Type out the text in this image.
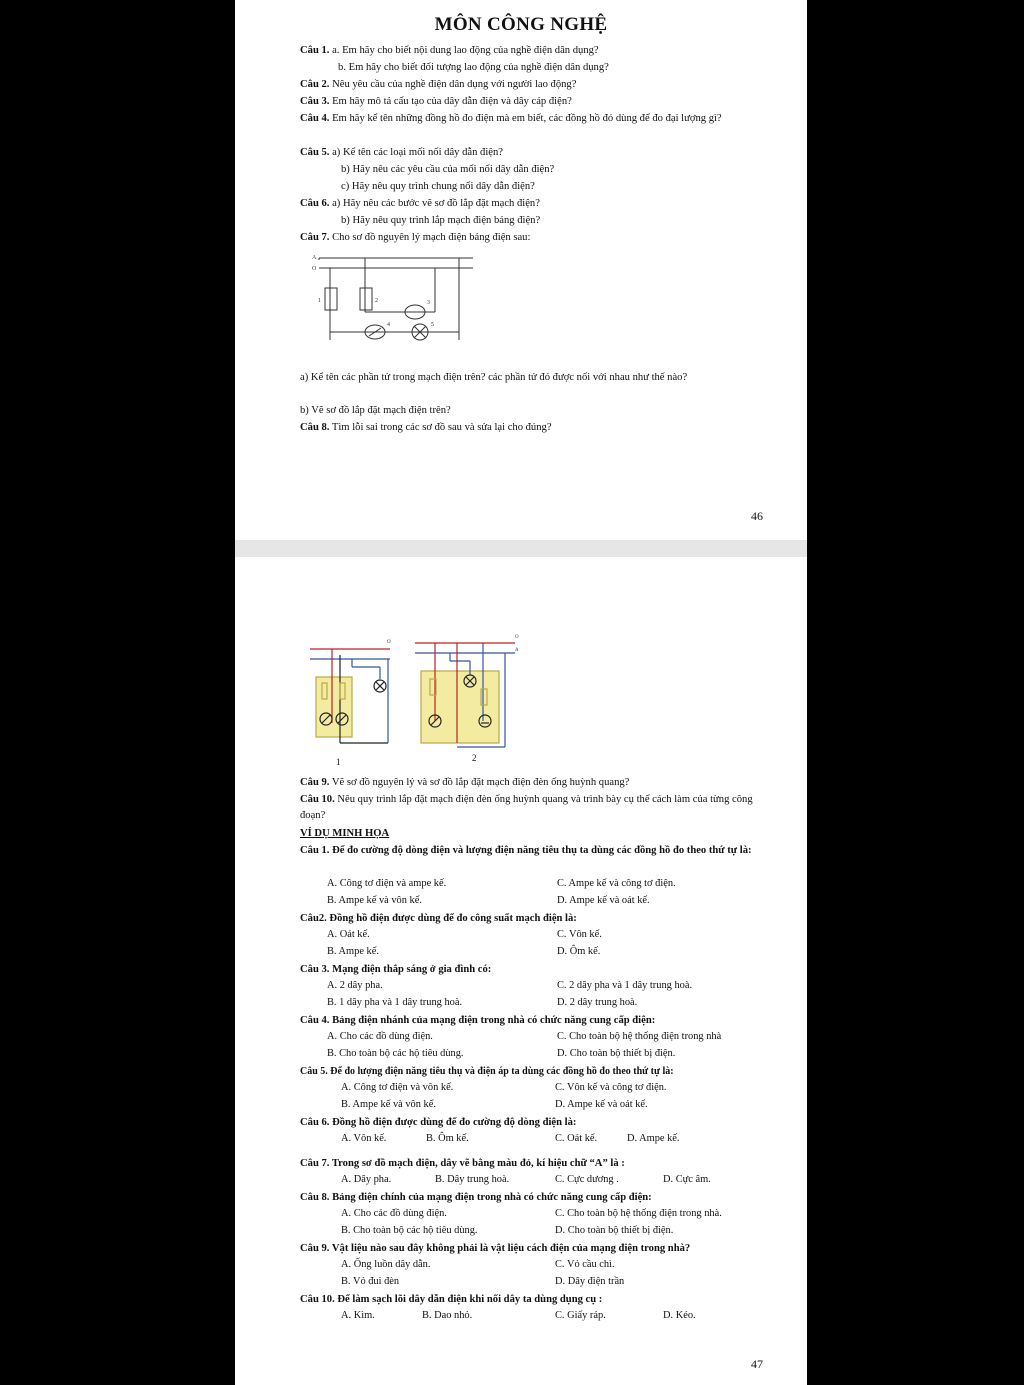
MÔN CÔNG NGHỆ
Câu 1. a. Em hãy cho biết nội dung lao động của nghề điện dân dụng?
b. Em hãy cho biết đối tượng lao động của nghề điện dân dụng?
Câu 2. Nêu yêu cầu của nghề điện dân dụng với người lao động?
Câu 3. Em hãy mô tả cấu tạo của dây dẫn điện và dây cáp điện?
Câu 4. Em hãy kể tên những đồng hồ đo điện mà em biết, các đồng hồ đó dùng để đo đại lượng gì?
Câu 5. a) Kể tên các loại mối nối dây dẫn điện?
b) Hãy nêu các yêu cầu của mối nối dây dẫn điện?
c) Hãy nêu quy trình chung nối dây dẫn điện?
Câu 6. a) Hãy nêu các bước vẽ sơ đồ lắp đặt mạch điện?
b) Hãy nêu quy trình lắp mạch điện bảng điện?
Câu 7. Cho sơ đồ nguyên lý mạch điện bảng điện sau:
A
O
1	2	3
4	5
a) Kể tên các phần tử trong mạch điện trên? các phần tử đó được nối với nhau như thế nào?
b) Vẽ sơ đồ lắp đặt mạch điện trên?
Câu 8. Tìm lỗi sai trong các sơ đồ sau và sửa lại cho đúng?
46
O
1
O
A
2
Câu 9. Vẽ sơ đồ nguyên lý và sơ đồ lắp đặt mạch điện đèn ống huỳnh quang?
Câu 10. Nêu quy trình lắp đặt mạch điện đèn ống huỳnh quang và trình bày cụ thể cách làm của từng công đoạn?
VÍ DỤ MINH HỌA
Câu 1. Để đo cường độ dòng điện và lượng điện năng tiêu thụ ta dùng các đồng hồ đo theo thứ tự là:
A. Công tơ điện và ampe kế.	C. Ampe kế và công tơ điện.
B. Ampe kế và vôn kế.	D. Ampe kế và oát kế.
Câu2. Đồng hồ điện được dùng để đo công suất mạch điện là:
A. Oát kế.	C. Vôn kế.
B. Ampe kế.	D. Ôm kế.
Câu 3. Mạng điện thắp sáng ở gia đình có:
A. 2 dây pha.	C. 2 dây pha và 1 dây trung hoà.
B. 1 dây pha và 1 dây trung hoà.	D. 2 dây trung hoà.
Câu 4. Bảng điện nhánh của mạng điện trong nhà có chức năng cung cấp điện:
A. Cho các đồ dùng điện.	C. Cho toàn bộ hệ thống điện trong nhà
B. Cho toàn bộ các hộ tiêu dùng.	D. Cho toàn bộ thiết bị điện.
Câu 5. Để đo lượng điện năng tiêu thụ và điện áp ta dùng các đồng hồ đo theo thứ tự là:
A. Công tơ điện và vôn kế.	C. Vôn kế và công tơ điện.
B. Ampe kế và vôn kế.	D. Ampe kế và oát kế.
Câu 6. Đồng hồ điện được dùng để đo cường độ dòng điện là:
A. Vôn kế.	B. Ôm kế.	C. Oát kế.	D. Ampe kế.
Câu 7. Trong sơ đồ mạch điện, dây vẽ bằng màu đỏ, kí hiệu chữ “A” là :
A. Dây pha.	B. Dây trung hoà.	C. Cực dương .	D. Cực âm.
Câu 8. Bảng điện chính của mạng điện trong nhà có chức năng cung cấp điện:
A. Cho các đồ dùng điện.	C. Cho toàn bộ hệ thống điện trong nhà.
B. Cho toàn bộ các hộ tiêu dùng.	D. Cho toàn bộ thiết bị điện.
Câu 9. Vật liệu nào sau đây không phải là vật liệu cách điện của mạng điện trong nhà?
A. Ống luồn dây dẫn.	C. Vỏ cầu chì.
B. Vỏ đui đèn	D. Dây điện trần
Câu 10. Để làm sạch lõi dây dẫn điện khi nối dây ta dùng dụng cụ :
A. Kìm.	B. Dao nhỏ.	C. Giấy ráp.	D. Kéo.
47
